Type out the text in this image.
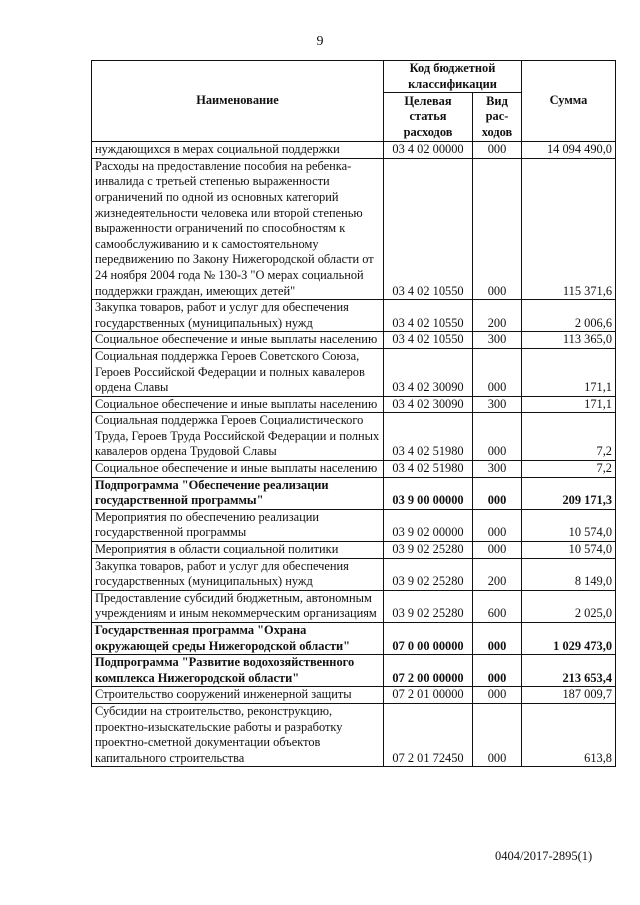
9
Наименование	Код бюджетной классификации		Сумма
	Целевая статья расходов	Вид рас-ходов	
нуждающихся в мерах социальной поддержки	03 4 02 00000	000	14 094 490,0
Расходы на предоставление пособия на ребенка-инвалида с третьей степенью выраженности ограничений по одной из основных категорий жизнедеятельности человека или второй степенью выраженности ограничений по способностям к самообслуживанию и к самостоятельному передвижению по Закону Нижегородской области от 24 ноября 2004 года № 130-З "О мерах социальной поддержки граждан, имеющих детей"	03 4 02 10550	000	115 371,6
Закупка товаров, работ и услуг для обеспечения государственных (муниципальных) нужд	03 4 02 10550	200	2 006,6
Социальное обеспечение и иные выплаты населению	03 4 02 10550	300	113 365,0
Социальная поддержка Героев Советского Союза, Героев Российской Федерации и полных кавалеров ордена Славы	03 4 02 30090	000	171,1
Социальное обеспечение и иные выплаты населению	03 4 02 30090	300	171,1
Социальная поддержка Героев Социалистического Труда, Героев Труда Российской Федерации и полных кавалеров ордена Трудовой Славы	03 4 02 51980	000	7,2
Социальное обеспечение и иные выплаты населению	03 4 02 51980	300	7,2
Подпрограмма "Обеспечение реализации государственной программы"	03 9 00 00000	000	209 171,3
Мероприятия по обеспечению реализации государственной программы	03 9 02 00000	000	10 574,0
Мероприятия в области социальной политики	03 9 02 25280	000	10 574,0
Закупка товаров, работ и услуг для обеспечения государственных (муниципальных) нужд	03 9 02 25280	200	8 149,0
Предоставление субсидий бюджетным, автономным учреждениям и иным некоммерческим организациям	03 9 02 25280	600	2 025,0
Государственная программа "Охрана окружающей среды Нижегородской области"	07 0 00 00000	000	1 029 473,0
Подпрограмма "Развитие водохозяйственного комплекса Нижегородской области"	07 2 00 00000	000	213 653,4
Строительство сооружений инженерной защиты	07 2 01 00000	000	187 009,7
Субсидии на строительство, реконструкцию, проектно-изыскательские работы и разработку проектно-сметной документации объектов капитального строительства	07 2 01 72450	000	613,8
0404/2017-2895(1)
